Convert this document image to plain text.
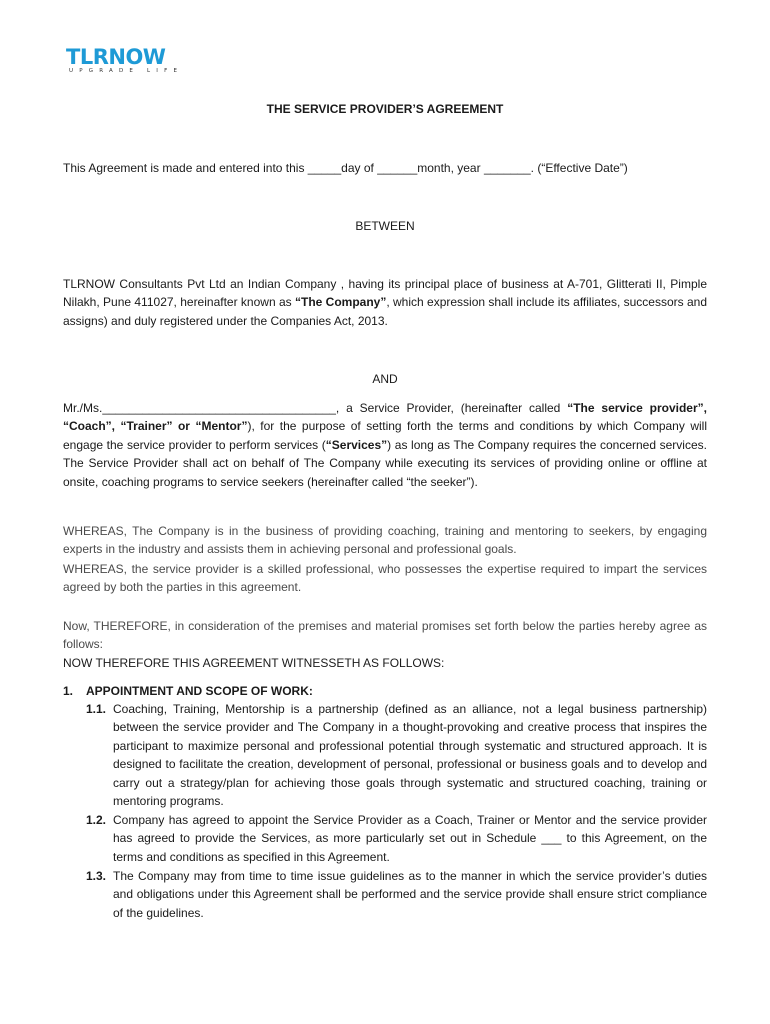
TLRNOW
UPGRADE LIFE
THE SERVICE PROVIDER’S AGREEMENT
This Agreement is made and entered into this _____day of ______month, year _______. (“Effective Date”)
BETWEEN
TLRNOW Consultants Pvt Ltd an Indian Company , having its principal place of business at A-701, Glitterati II, Pimple Nilakh, Pune 411027, hereinafter known as “The Company”, which expression shall include its affiliates, successors and assigns) and duly registered under the Companies Act, 2013.
AND
Mr./Ms.___________________________________, a Service Provider, (hereinafter called “The service provider”, “Coach”, “Trainer” or “Mentor”), for the purpose of setting forth the terms and conditions by which Company will engage the service provider to perform services (“Services”) as long as The Company requires the concerned services. The Service Provider shall act on behalf of The Company while executing its services of providing online or offline at onsite, coaching programs to service seekers (hereinafter called “the seeker”).
WHEREAS, The Company is in the business of providing coaching, training and mentoring to seekers, by engaging experts in the industry and assists them in achieving personal and professional goals.
WHEREAS, the service provider is a skilled professional, who possesses the expertise required to impart the services agreed by both the parties in this agreement.
Now, THEREFORE, in consideration of the premises and material promises set forth below the parties hereby agree as follows:
NOW THEREFORE THIS AGREEMENT WITNESSETH AS FOLLOWS:
1. APPOINTMENT AND SCOPE OF WORK:
1.1. Coaching, Training, Mentorship is a partnership (defined as an alliance, not a legal business partnership) between the service provider and The Company in a thought-provoking and creative process that inspires the participant to maximize personal and professional potential through systematic and structured approach. It is designed to facilitate the creation, development of personal, professional or business goals and to develop and carry out a strategy/plan for achieving those goals through systematic and structured coaching, training or mentoring programs.
1.2. Company has agreed to appoint the Service Provider as a Coach, Trainer or Mentor and the service provider has agreed to provide the Services, as more particularly set out in Schedule ___ to this Agreement, on the terms and conditions as specified in this Agreement.
1.3. The Company may from time to time issue guidelines as to the manner in which the service provider’s duties and obligations under this Agreement shall be performed and the service provide shall ensure strict compliance of the guidelines.
